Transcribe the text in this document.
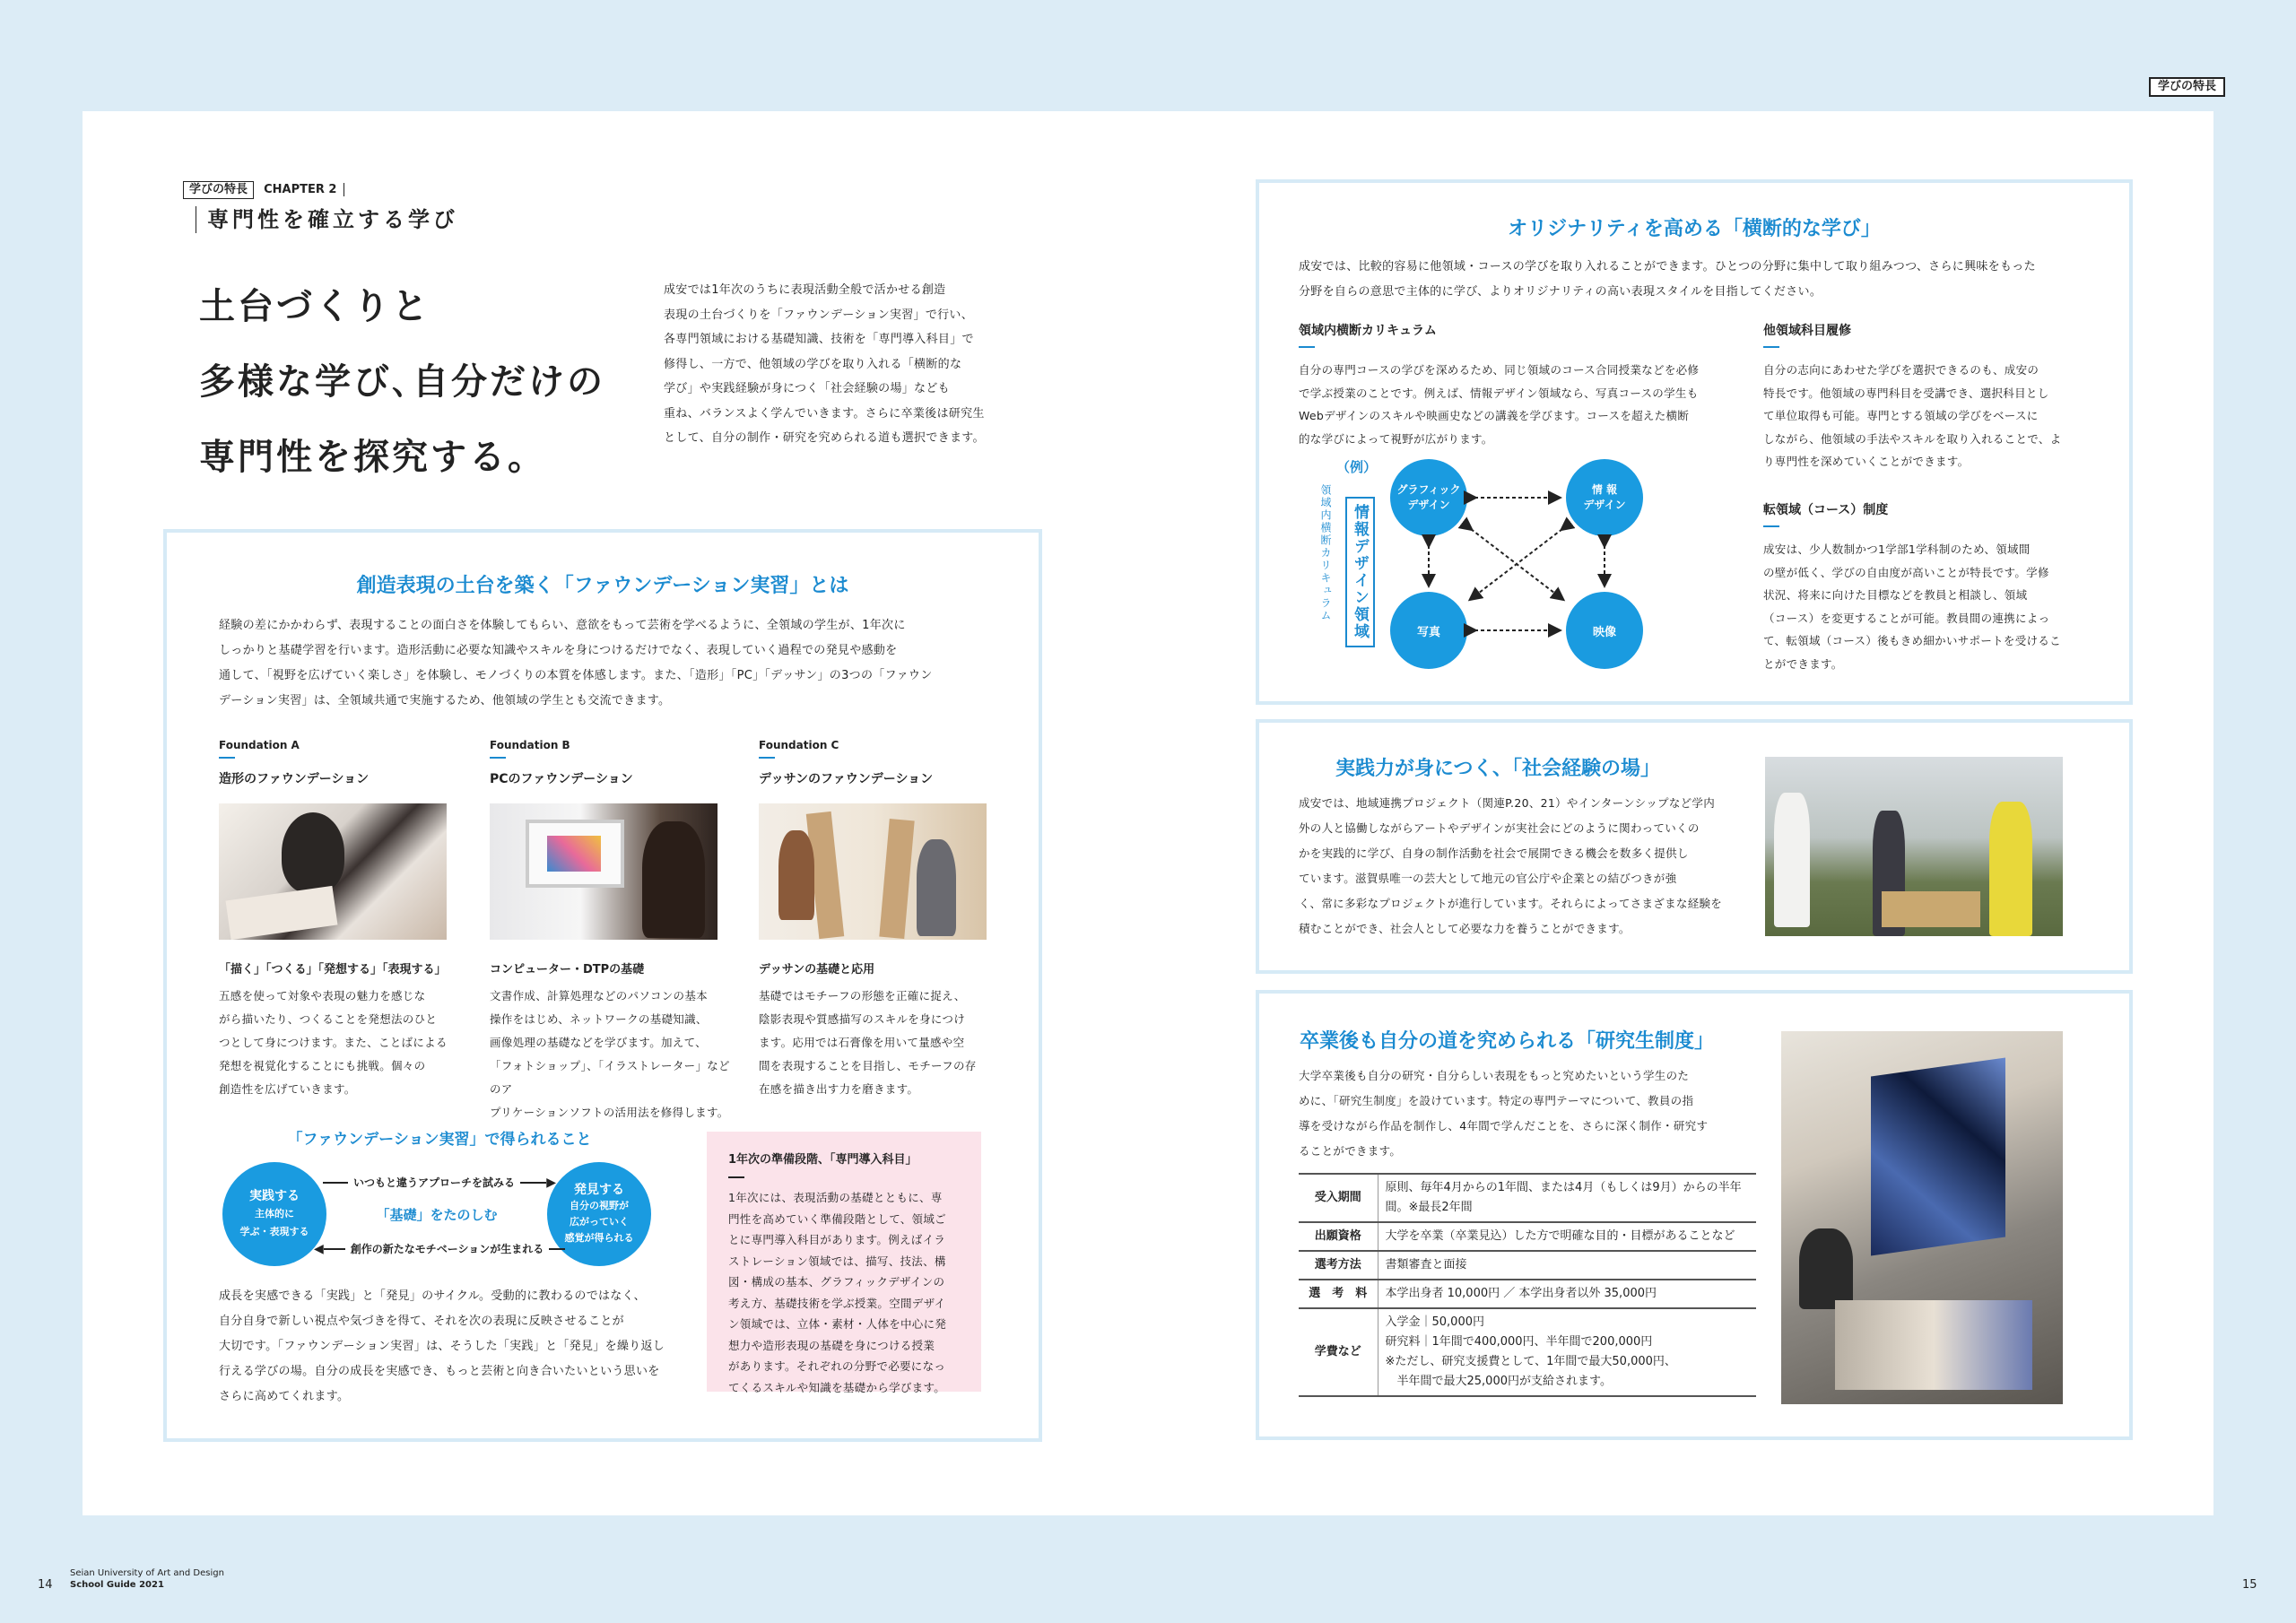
学びの特長
学びの特長 CHAPTER 2
専門性を確立する学び
土台づくりと
多様な学び､自分だけの
専門性を探究する。
成安では1年次のうちに表現活動全般で活かせる創造
表現の土台づくりを「ファウンデーション実習」で行い、
各専門領域における基礎知識、技術を「専門導入科目」で
修得し、一方で、他領域の学びを取り入れる「横断的な
学び」や実践経験が身につく「社会経験の場」なども
重ね、バランスよく学んでいきます。さらに卒業後は研究生
として、自分の制作・研究を究められる道も選択できます。
創造表現の土台を築く「ファウンデーション実習」とは
経験の差にかかわらず、表現することの面白さを体験してもらい、意欲をもって芸術を学べるように、全領域の学生が、1年次に
しっかりと基礎学習を行います。造形活動に必要な知識やスキルを身につけるだけでなく、表現していく過程での発見や感動を
通して、「視野を広げていく楽しさ」を体験し、モノづくりの本質を体感します。また、「造形」「PC」「デッサン」の3つの「ファウン
デーション実習」は、全領域共通で実施するため、他領域の学生とも交流できます。
Foundation A
造形のファウンデーション
「描く」「つくる」「発想する」「表現する」
五感を使って対象や表現の魅力を感じな
がら描いたり、つくることを発想法のひと
つとして身につけます。また、ことばによる
発想を視覚化することにも挑戦。個々の
創造性を広げていきます。
Foundation B
PCのファウンデーション
コンピューター・DTPの基礎
文書作成、計算処理などのパソコンの基本
操作をはじめ、ネットワークの基礎知識、
画像処理の基礎などを学びます。加えて、
「フォトショップ」、「イラストレーター」などのア
プリケーションソフトの活用法を修得します。
Foundation C
デッサンのファウンデーション
デッサンの基礎と応用
基礎ではモチーフの形態を正確に捉え、
陰影表現や質感描写のスキルを身につけ
ます。応用では石膏像を用いて量感や空
間を表現することを目指し、モチーフの存
在感を描き出す力を磨きます。
「ファウンデーション実習」で得られること
実践する
主体的に
学ぶ・表現する
発見する
自分の視野が
広がっていく
感覚が得られる
いつもと違うアプローチを試みる	▶
「基礎」をたのしむ
◀	創作の新たなモチベーションが生まれる
成長を実感できる「実践」と「発見」のサイクル。受動的に教わるのではなく、
自分自身で新しい視点や気づきを得て、それを次の表現に反映させることが
大切です。「ファウンデーション実習」は、そうした「実践」と「発見」を繰り返し
行える学びの場。自分の成長を実感でき、もっと芸術と向き合いたいという思いを
さらに高めてくれます。
1年次の準備段階、「専門導入科目」
1年次には、表現活動の基礎とともに、専
門性を高めていく準備段階として、領域ご
とに専門導入科目があります。例えばイラ
ストレーション領域では、描写、技法、構
図・構成の基本、グラフィックデザインの
考え方、基礎技術を学ぶ授業。空間デザイ
ン領域では、立体・素材・人体を中心に発
想力や造形表現の基礎を身につける授業
があります。それぞれの分野で必要になっ
てくるスキルや知識を基礎から学びます。
オリジナリティを高める「横断的な学び」
成安では、比較的容易に他領域・コースの学びを取り入れることができます。ひとつの分野に集中して取り組みつつ、さらに興味をもった
分野を自らの意思で主体的に学び、よりオリジナリティの高い表現スタイルを目指してください。
領域内横断カリキュラム
自分の専門コースの学びを深めるため、同じ領域のコース合同授業などを必修
で学ぶ授業のことです。例えば、情報デザイン領域なら、写真コースの学生も
Webデザインのスキルや映画史などの講義を学びます。コースを超えた横断
的な学びによって視野が広がります。
（例）
領域内横断カリキュラム	情報デザイン領域
グラフィック
デザイン
情 報
デザイン
写真	映像
他領域科目履修
自分の志向にあわせた学びを選択できるのも、成安の
特長です。他領域の専門科目を受講でき、選択科目とし
て単位取得も可能。専門とする領域の学びをベースに
しながら、他領域の手法やスキルを取り入れることで、よ
り専門性を深めていくことができます。
転領域（コース）制度
成安は、少人数制かつ1学部1学科制のため、領域間
の壁が低く、学びの自由度が高いことが特長です。学修
状況、将来に向けた目標などを教員と相談し、領域
（コース）を変更することが可能。教員間の連携によっ
て、転領域（コース）後もきめ細かいサポートを受けるこ
とができます。
実践力が身につく、「社会経験の場」
成安では、地域連携プロジェクト（関連P.20、21）やインターンシップなど学内
外の人と協働しながらアートやデザインが実社会にどのように関わっていくの
かを実践的に学び、自身の制作活動を社会で展開できる機会を数多く提供し
ています。滋賀県唯一の芸大として地元の官公庁や企業との結びつきが強
く、常に多彩なプロジェクトが進行しています。それらによってさまざまな経験を
積むことができ、社会人として必要な力を養うことができます。
卒業後も自分の道を究められる「研究生制度」
大学卒業後も自分の研究・自分らしい表現をもっと究めたいという学生のた
めに、「研究生制度」を設けています。特定の専門テーマについて、教員の指
導を受けながら作品を制作し、4年間で学んだことを、さらに深く制作・研究す
ることができます。
受入期間	原則、毎年4月からの1年間、または4月（もしくは9月）からの半年
間。※最長2年間

出願資格	大学を卒業（卒業見込）した方で明確な目的・目標があることなど

選考方法	書類審査と面接

選　考　料	本学出身者 10,000円 ／ 本学出身者以外 35,000円

学費など	入学金｜50,000円
研究料｜1年間で400,000円、半年間で200,000円
※ただし、研究支援費として、1年間で最大50,000円、
　半年間で最大25,000円が支給されます。
14
Seian University of Art and Design
School Guide 2021	15
